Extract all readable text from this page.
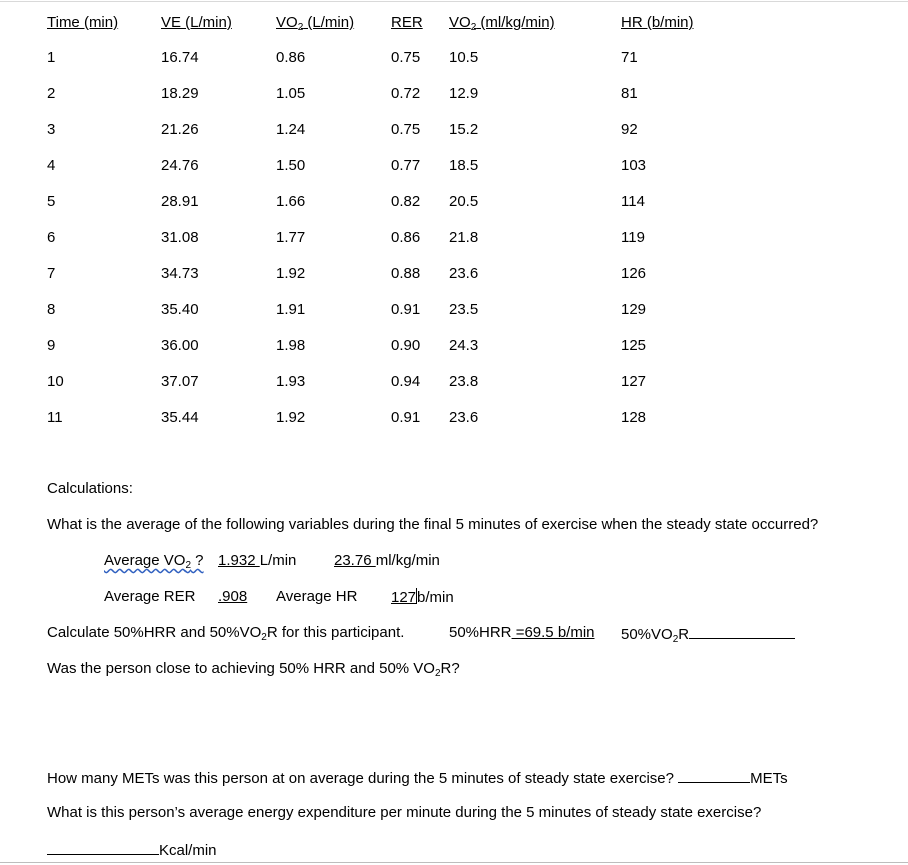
Time (min)	VE (L/min)	$VO_2$ (L/min) RER $VO_2$ (ml/kg/min)	HR (b/min)
1	16.74	0.86	0.75 10.5	71
2	18.29	1.05	0.72 12.9	81
3	21.26	1.24	0.75 15.2	92
4	24.76	1.50	0.77 18.5	103
5	28.91	1.66	0.82 20.5	114
6	31.08	1.77	0.86 21.8	119
7	34.73	1.92	0.88 23.6	126
8	35.40	1.91	0.91 23.5	129
9	36.00	1.98	0.90 24.3	125
10	37.07	1.93	0.94 23.8	127
11	35.44	1.92	0.91 23.6	128
Calculations:
What is the average of the following variables during the final 5 minutes of exercise when the steady state occurred?
Average $VO_2$ ? 1.932 L/min	23.76 ml/kg/min
Average RER .908 Average HR 127b/min
Calculate 50%HRR and $50\%VO_2R$ for this participant.	50%HRR =69.5 b/min $50\%VO_2R$
Was the person close to achieving 50% HRR and 50% $VO_2R$?
How many METs was this person at on average during the 5 minutes of steady state exercise?	METs
What is this person’s average energy expenditure per minute during the 5 minutes of steady state exercise?
Kcal/min
